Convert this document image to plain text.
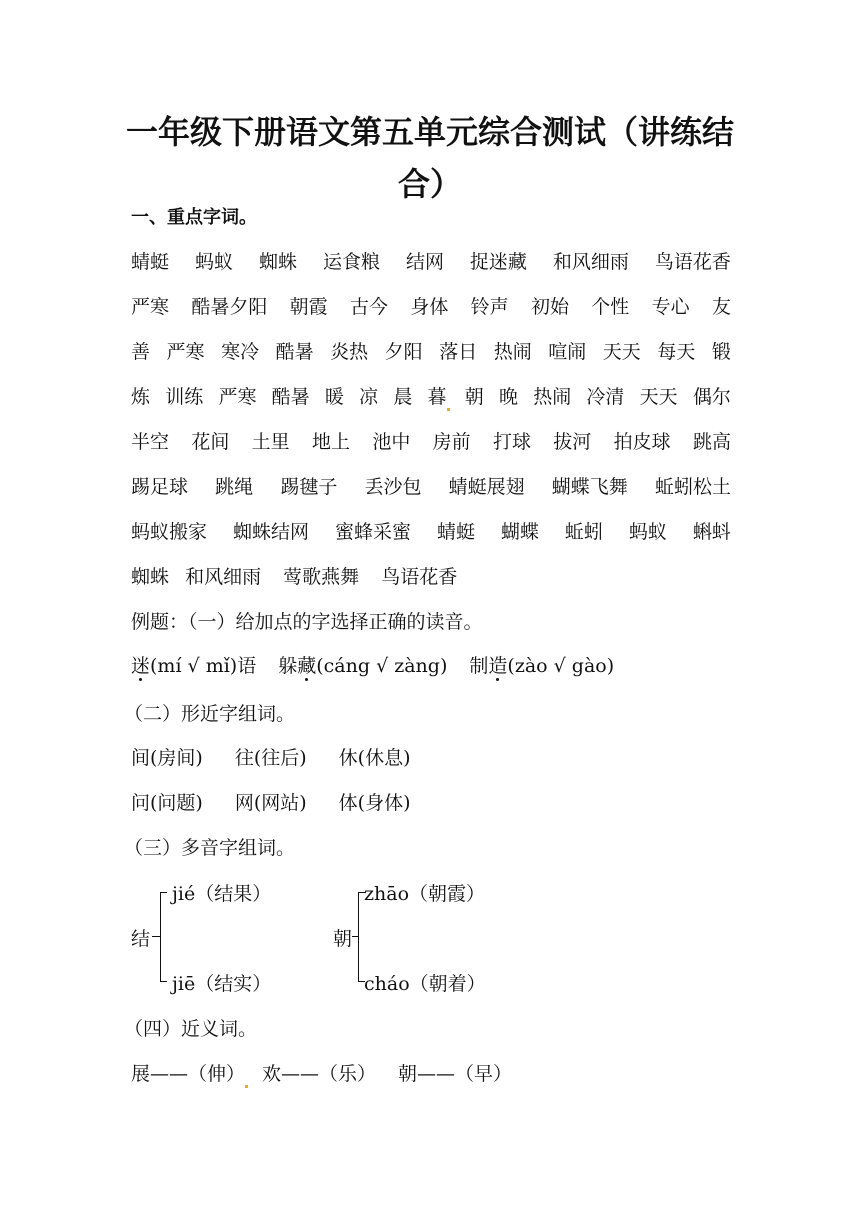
一年级下册语文第五单元综合测试（讲练结
合）
一、重点字词。
蜻蜓 蚂蚁 蜘蛛 运食粮 结网 捉迷藏 和风细雨 鸟语花香
严寒 酷暑夕阳 朝霞 古今 身体 铃声 初始 个性 专心 友
善 严寒 寒冷 酷暑 炎热 夕阳 落日 热闹 喧闹 天天 每天 锻
炼 训练 严寒 酷暑 暖 凉 晨 暮 朝 晚 热闹 冷清 天天 偶尔
半空 花间 土里 地上 池中 房前 打球 拔河 拍皮球 跳高
踢足球 跳绳 踢毽子 丢沙包 蜻蜓展翅 蝴蝶飞舞 蚯蚓松土
蚂蚁搬家 蜘蛛结网 蜜蜂采蜜 蜻蜓 蝴蝶 蚯蚓 蚂蚁 蝌蚪
蜘蛛 和风细雨 莺歌燕舞 鸟语花香
例题：（一）给加点的字选择正确的读音。
迷(mí √ mǐ)语 躲藏(cáng √ zàng) 制造(zào √ gào)
（二）形近字组词。
间(房间) 往(往后) 休(休息)
问(问题) 网(网站) 体(身体)
（三）多音字组词。
结
jié（结果）
jiē（结实）
朝
zhāo（朝霞）
cháo（朝着）
（四）近义词。
展——（伸） 欢——（乐） 朝——（早）
